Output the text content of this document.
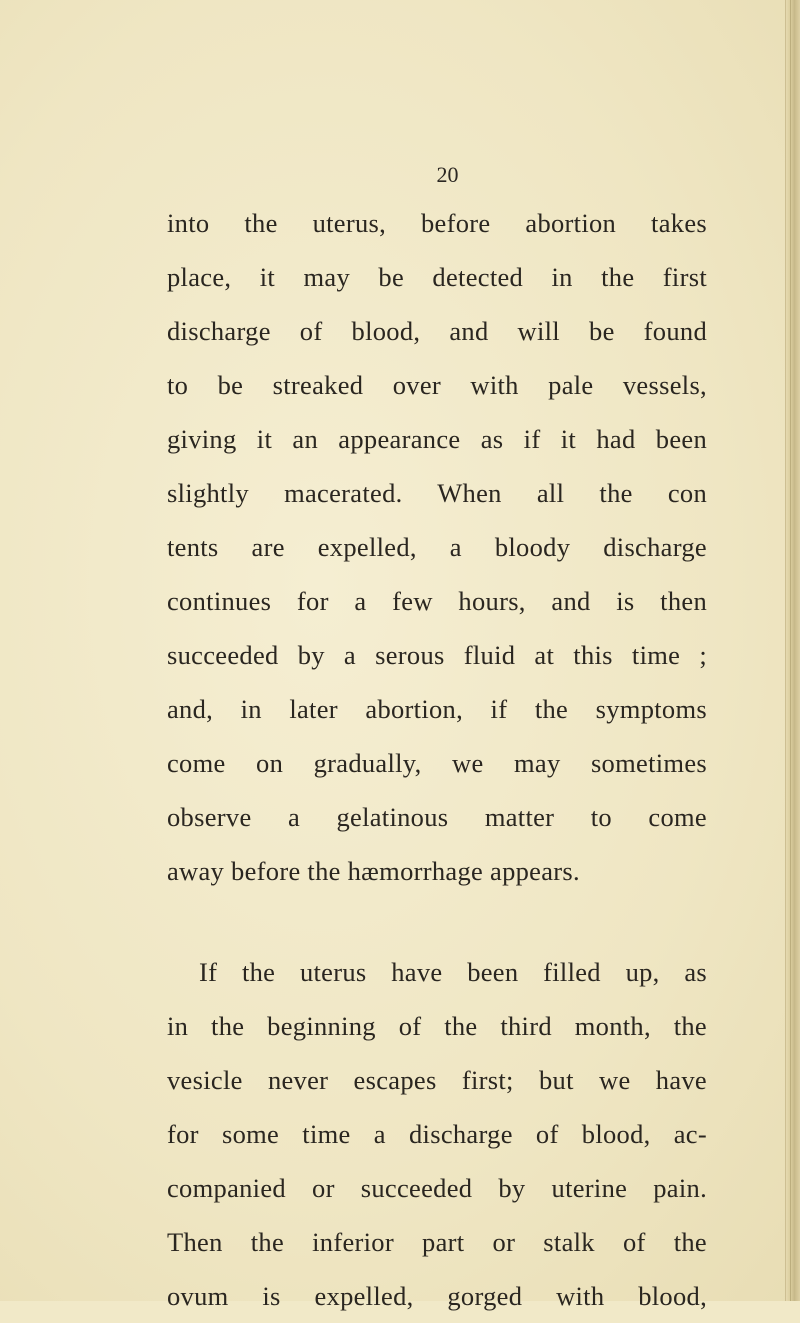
20
into the uterus, before abortion takes
place, it may be detected in the first
discharge of blood, and will be found
to be streaked over with pale vessels,
giving it an appearance as if it had been
slightly macerated. When all the con
tents are expelled, a bloody discharge
continues for a few hours, and is then
succeeded by a serous fluid at this time ;
and, in later abortion, if the symptoms
come on gradually, we may sometimes
observe a gelatinous matter to come
away before the hæmorrhage appears.
If the uterus have been filled up, as
in the beginning of the third month, the
vesicle never escapes first; but we have
for some time a discharge of blood, ac-
companied or succeeded by uterine pain.
Then the inferior part or stalk of the
ovum is expelled, gorged with blood,
